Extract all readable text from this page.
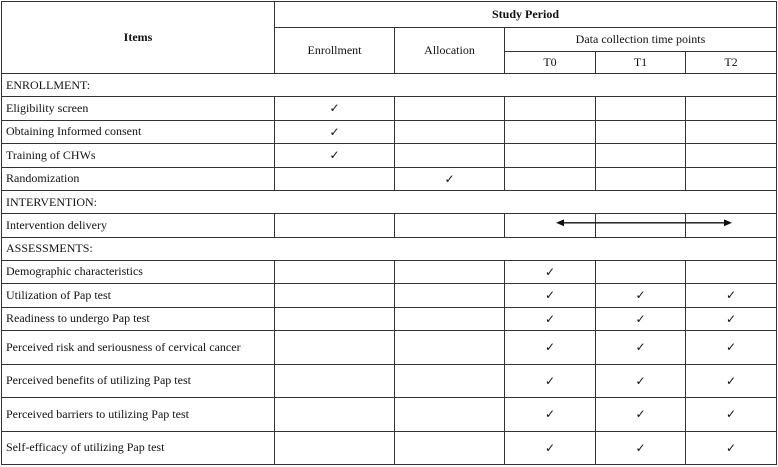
Items	Study Period				
	Enrollment	Allocation	Data collection time points		
			T0	T1	T2
ENROLLMENT:					
Eligibility screen	✓				
Obtaining Informed consent	✓				
Training of CHWs	✓				
Randomization		✓			
INTERVENTION:					
Intervention delivery			

ASSESSMENTS:					
Demographic characteristics			✓		
Utilization of Pap test			✓	✓	✓
Readiness to undergo Pap test			✓	✓	✓
Perceived risk and seriousness of cervical cancer			✓	✓	✓
Perceived benefits of utilizing Pap test			✓	✓	✓
Perceived barriers to utilizing Pap test			✓	✓	✓
Self-efficacy of utilizing Pap test			✓	✓	✓
